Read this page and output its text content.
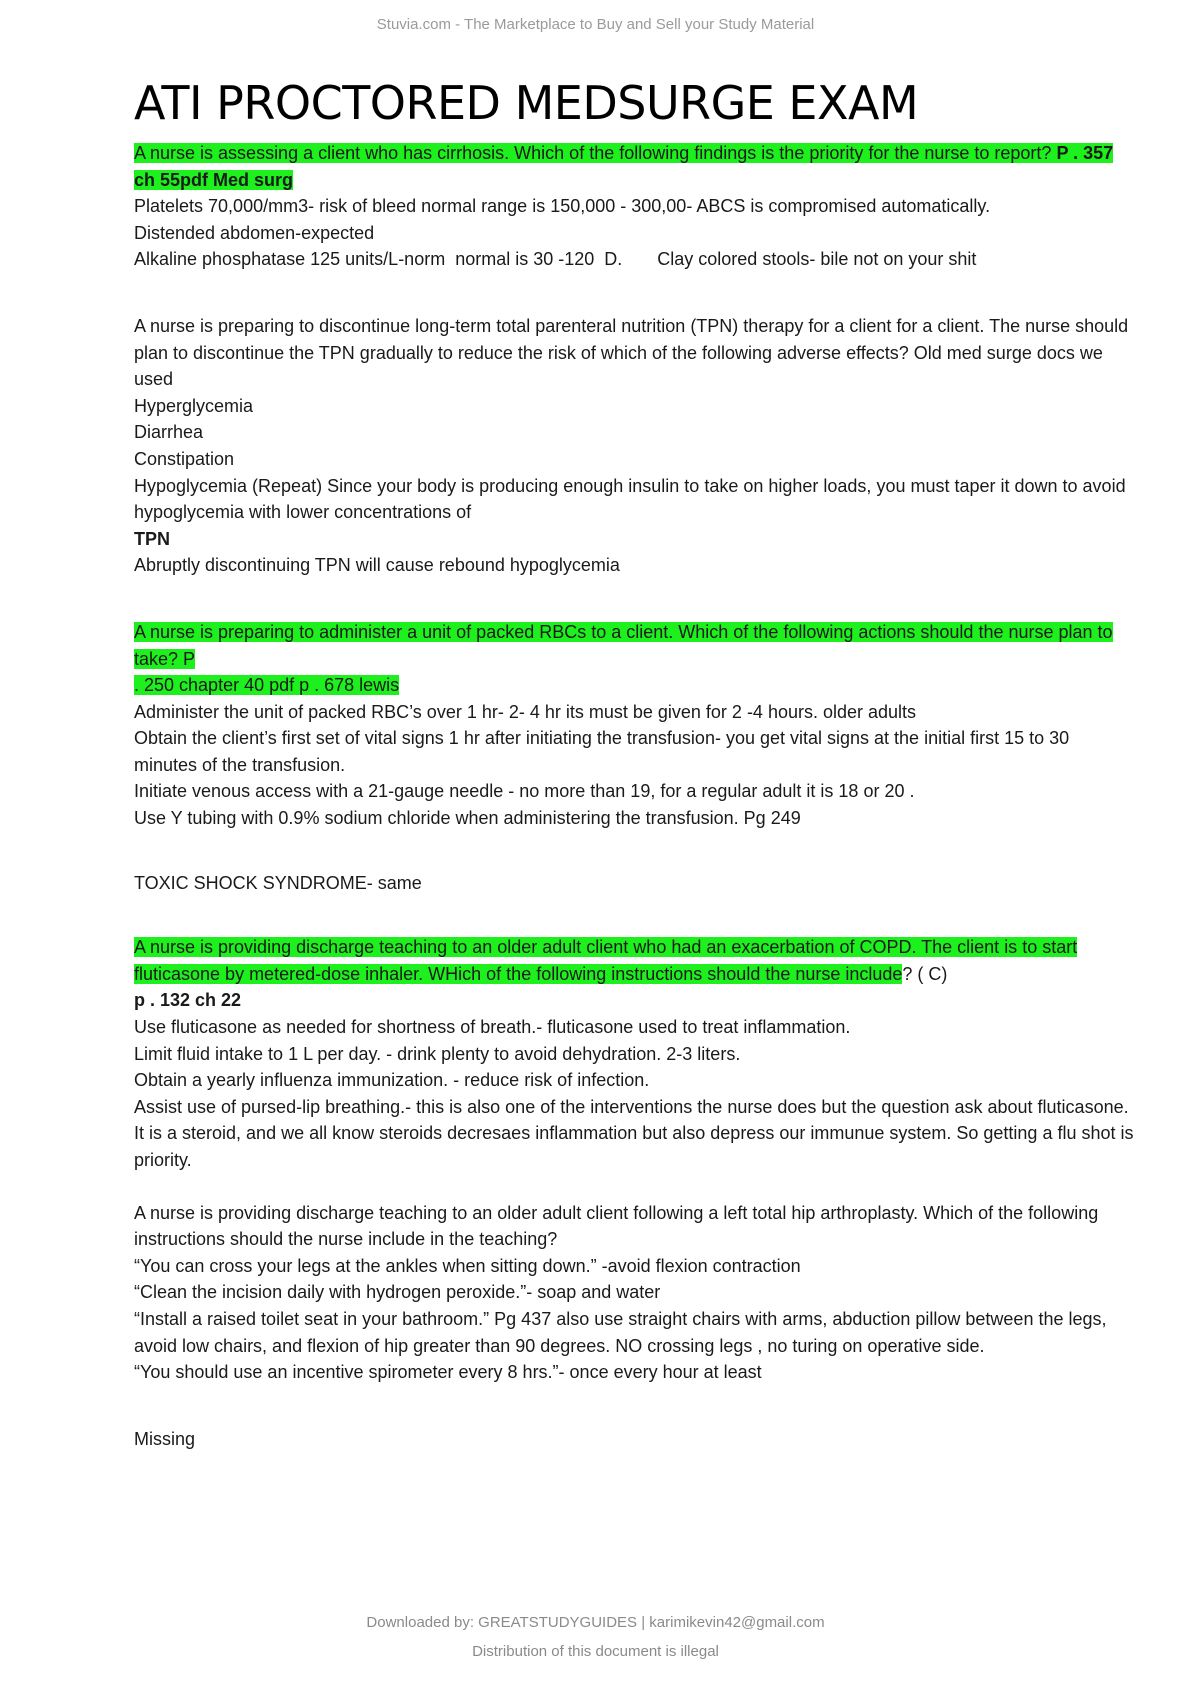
Stuvia.com - The Marketplace to Buy and Sell your Study Material
ATI PROCTORED MEDSURGE EXAM

A nurse is assessing a client who has cirrhosis. Which of the following findings is the priority for the nurse to report? P . 357 ch 55pdf Med surg

Platelets 70,000/mm3- risk of bleed normal range is 150,000 - 300,00- ABCS is compromised automatically.

Distended abdomen-expected

Alkaline phosphatase 125 units/L-norm  normal is 30 -120  D.       Clay colored stools- bile not on your shit

A nurse is preparing to discontinue long-term total parenteral nutrition (TPN) therapy for a client for a client. The nurse should plan to discontinue the TPN gradually to reduce the risk of which of the following adverse effects? Old med surge docs we used

Hyperglycemia

Diarrhea

Constipation

Hypoglycemia (Repeat) Since your body is producing enough insulin to take on higher loads, you must taper it down to avoid hypoglycemia with lower concentrations of

TPN

Abruptly discontinuing TPN will cause rebound hypoglycemia

A nurse is preparing to administer a unit of packed RBCs to a client. Which of the following actions should the nurse plan to take? P

. 250 chapter 40 pdf p . 678 lewis

Administer the unit of packed RBC’s over 1 hr- 2- 4 hr its must be given for 2 -4 hours. older adults

Obtain the client’s first set of vital signs 1 hr after initiating the transfusion- you get vital signs at the initial first 15 to 30 minutes of the transfusion.

Initiate venous access with a 21-gauge needle - no more than 19, for a regular adult it is 18 or 20 .

Use Y tubing with 0.9% sodium chloride when administering the transfusion. Pg 249

TOXIC SHOCK SYNDROME- same

A nurse is providing discharge teaching to an older adult client who had an exacerbation of COPD. The client is to start fluticasone by metered-dose inhaler. WHich of the following instructions should the nurse include? ( C)

p . 132 ch 22

Use fluticasone as needed for shortness of breath.- fluticasone used to treat inflammation.

Limit fluid intake to 1 L per day. - drink plenty to avoid dehydration. 2-3 liters.

Obtain a yearly influenza immunization. - reduce risk of infection.

Assist use of pursed-lip breathing.- this is also one of the interventions the nurse does but the question ask about fluticasone. It is a steroid, and we all know steroids decresaes inflammation but also depress our immunue system. So getting a flu shot is priority.

A nurse is providing discharge teaching to an older adult client following a left total hip arthroplasty. Which of the following instructions should the nurse include in the teaching?

“You can cross your legs at the ankles when sitting down.” -avoid flexion contraction

“Clean the incision daily with hydrogen peroxide.”- soap and water

“Install a raised toilet seat in your bathroom.” Pg 437 also use straight chairs with arms, abduction pillow between the legs, avoid low chairs, and flexion of hip greater than 90 degrees. NO crossing legs , no turing on operative side.

“You should use an incentive spirometer every 8 hrs.”- once every hour at least

Missing

Downloaded by: GREATSTUDYGUIDES | karimikevin42@gmail.com
Distribution of this document is illegal
